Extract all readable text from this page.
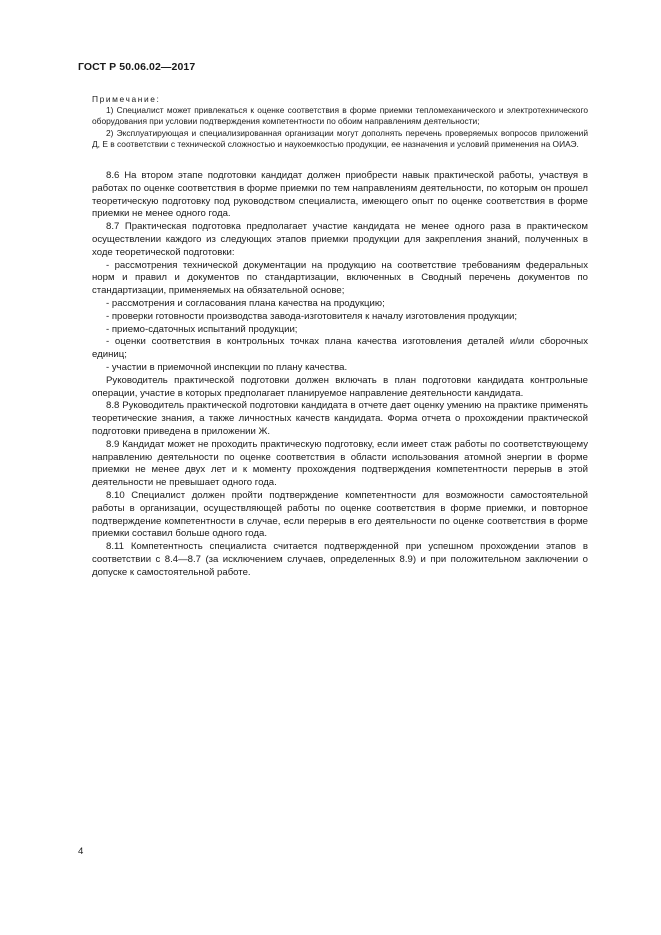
ГОСТ Р 50.06.02—2017

Примечание:

1) Специалист может привлекаться к оценке соответствия в форме приемки тепломеханического и электротехнического оборудования при условии подтверждения компетентности по обоим направлениям деятельности;

2) Эксплуатирующая и специализированная организации могут дополнять перечень проверяемых вопросов приложений Д, Е в соответствии с технической сложностью и наукоемкостью продукции, ее назначения и условий применения на ОИАЭ.

8.6 На втором этапе подготовки кандидат должен приобрести навык практической работы, участвуя в работах по оценке соответствия в форме приемки по тем направлениям деятельности, по которым он прошел теоретическую подготовку под руководством специалиста, имеющего опыт по оценке соответствия в форме приемки не менее одного года.

8.7 Практическая подготовка предполагает участие кандидата не менее одного раза в практическом осуществлении каждого из следующих этапов приемки продукции для закрепления знаний, полученных в ходе теоретической подготовки:

- рассмотрения технической документации на продукцию на соответствие требованиям федеральных норм и правил и документов по стандартизации, включенных в Сводный перечень документов по стандартизации, применяемых на обязательной основе;

- рассмотрения и согласования плана качества на продукцию;

- проверки готовности производства завода-изготовителя к началу изготовления продукции;

- приемо-сдаточных испытаний продукции;

- оценки соответствия в контрольных точках плана качества изготовления деталей и/или сборочных единиц;

- участии в приемочной инспекции по плану качества.

Руководитель практической подготовки должен включать в план подготовки кандидата контрольные операции, участие в которых предполагает планируемое направление деятельности кандидата.

8.8 Руководитель практической подготовки кандидата в отчете дает оценку умению на практике применять теоретические знания, а также личностных качеств кандидата. Форма отчета о прохождении практической подготовки приведена в приложении Ж.

8.9 Кандидат может не проходить практическую подготовку, если имеет стаж работы по соответствующему направлению деятельности по оценке соответствия в области использования атомной энергии в форме приемки не менее двух лет и к моменту прохождения подтверждения компетентности перерыв в этой деятельности не превышает одного года.

8.10 Специалист должен пройти подтверждение компетентности для возможности самостоятельной работы в организации, осуществляющей работы по оценке соответствия в форме приемки, и повторное подтверждение компетентности в случае, если перерыв в его деятельности по оценке соответствия в форме приемки составил больше одного года.

8.11 Компетентность специалиста считается подтвержденной при успешном прохождении этапов в соответствии с 8.4—8.7 (за исключением случаев, определенных 8.9) и при положительном заключении о допуске к самостоятельной работе.

4
